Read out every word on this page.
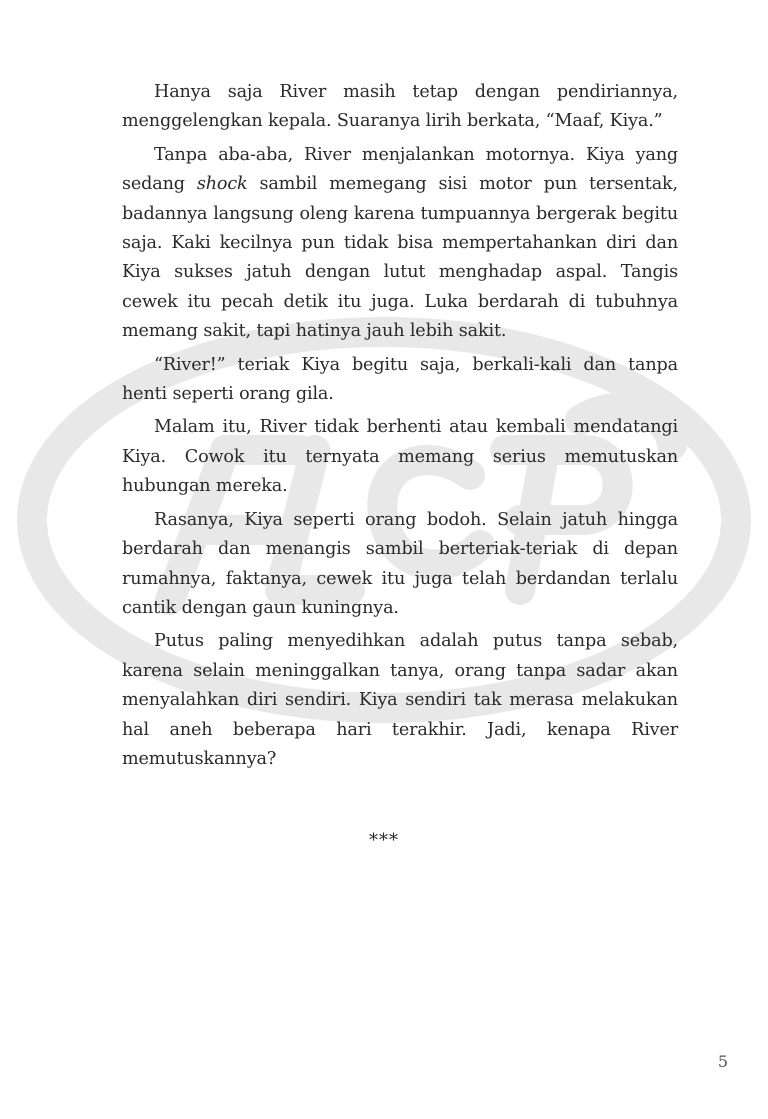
Hanya saja River masih tetap dengan pendiriannya, menggelengkan kepala. Suaranya lirih berkata, “Maaf, Kiya.”

Tanpa aba-aba, River menjalankan motornya. Kiya yang sedang shock sambil memegang sisi motor pun tersentak, badannya langsung oleng karena tumpuannya bergerak begitu saja. Kaki kecilnya pun tidak bisa mempertahankan diri dan Kiya sukses jatuh dengan lutut menghadap aspal. Tangis cewek itu pecah detik itu juga. Luka berdarah di tubuhnya memang sakit, tapi hatinya jauh lebih sakit.

“River!” teriak Kiya begitu saja, berkali-kali dan tanpa henti seperti orang gila.

Malam itu, River tidak berhenti atau kembali mendatangi Kiya. Cowok itu ternyata memang serius memutuskan hubungan mereka.

Rasanya, Kiya seperti orang bodoh. Selain jatuh hingga berdarah dan menangis sambil berteriak-teriak di depan rumahnya, faktanya, cewek itu juga telah berdandan terlalu cantik dengan gaun kuningnya.

Putus paling menyedihkan adalah putus tanpa sebab, karena selain meninggalkan tanya, orang tanpa sadar akan menyalahkan diri sendiri. Kiya sendiri tak merasa melakukan hal aneh beberapa hari terakhir. Jadi, kenapa River memutuskannya?

***
5
